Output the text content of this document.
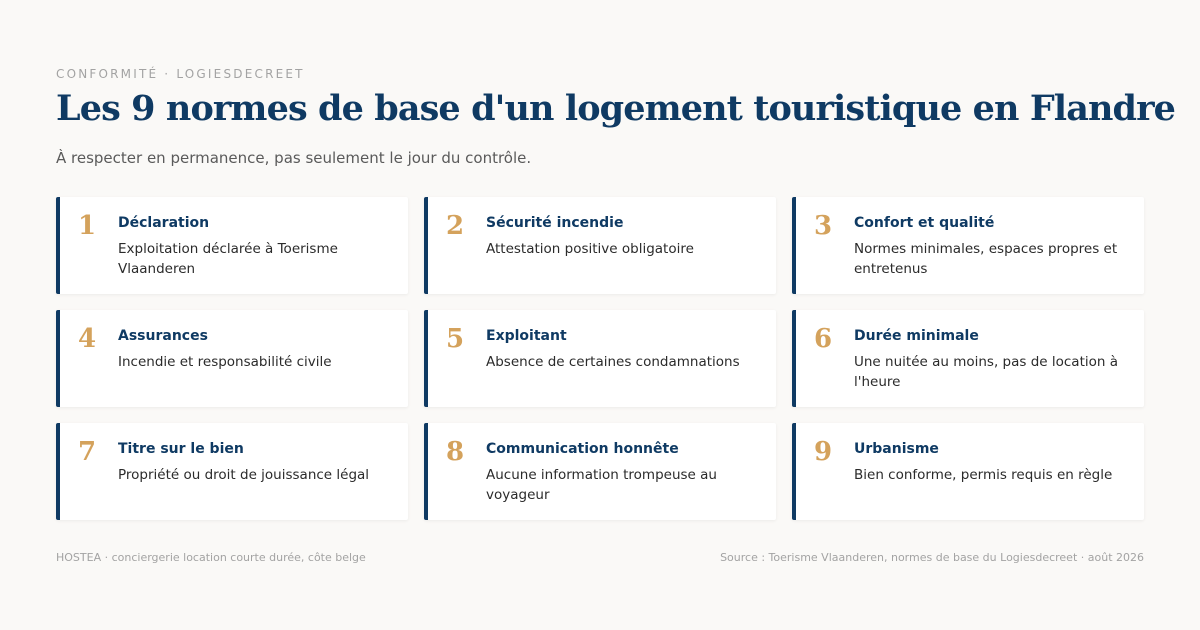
CONFORMITÉ · LOGIESDECREET
Les 9 normes de base d'un logement touristique en Flandre
À respecter en permanence, pas seulement le jour du contrôle.
1 Déclaration
Exploitation déclarée à Toerisme Vlaanderen
2 Sécurité incendie
Attestation positive obligatoire
3 Confort et qualité
Normes minimales, espaces propres et entretenus
4 Assurances
Incendie et responsabilité civile
5 Exploitant
Absence de certaines condamnations
6 Durée minimale
Une nuitée au moins, pas de location à l'heure
7 Titre sur le bien
Propriété ou droit de jouissance légal
8 Communication honnête
Aucune information trompeuse au voyageur
9 Urbanisme
Bien conforme, permis requis en règle
HOSTEA · conciergerie location courte durée, côte belge	Source : Toerisme Vlaanderen, normes de base du Logiesdecreet · août 2026
